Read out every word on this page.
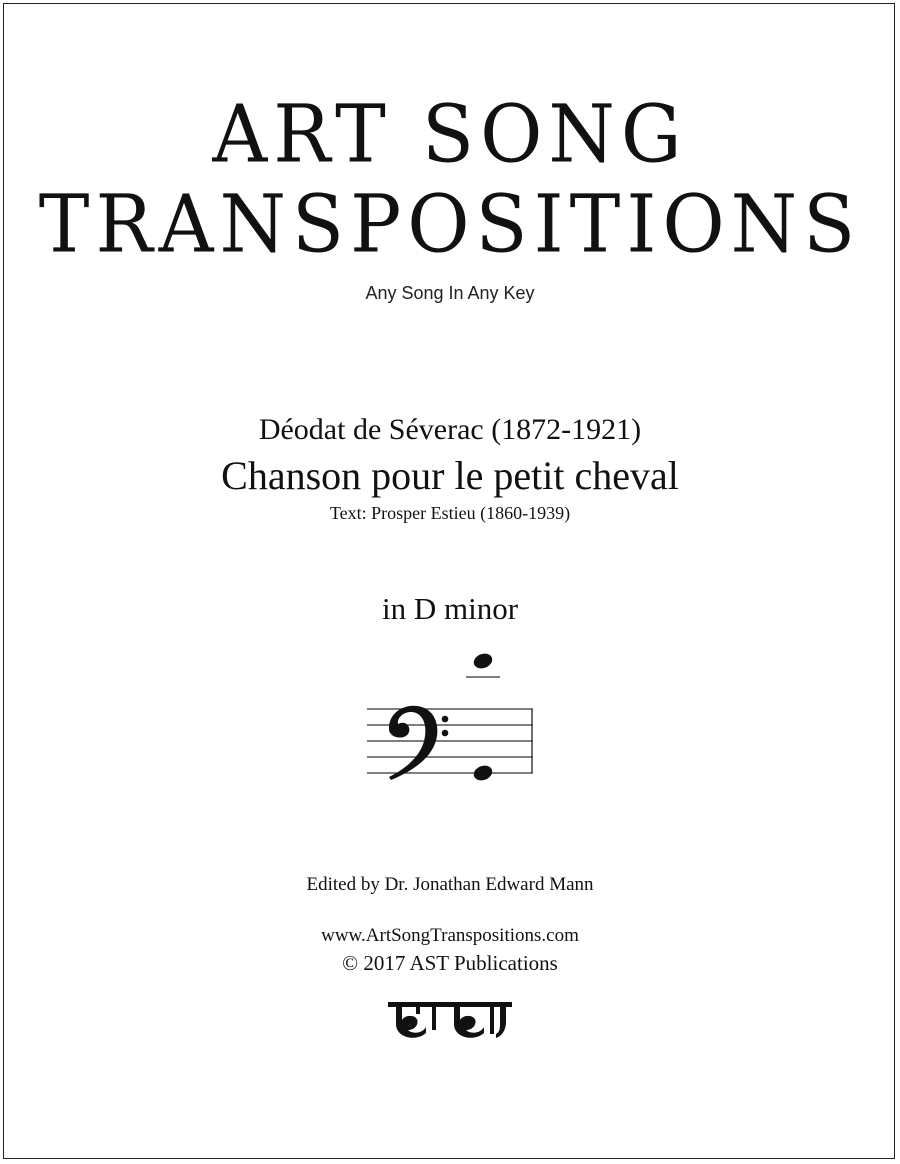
ART SONG
TRANSPOSITIONS
Any Song In Any Key
Déodat de Séverac (1872-1921)
Chanson pour le petit cheval
Text: Prosper Estieu (1860-1939)
in D minor
Edited by Dr. Jonathan Edward Mann
www.ArtSongTranspositions.com
© 2017 AST Publications
